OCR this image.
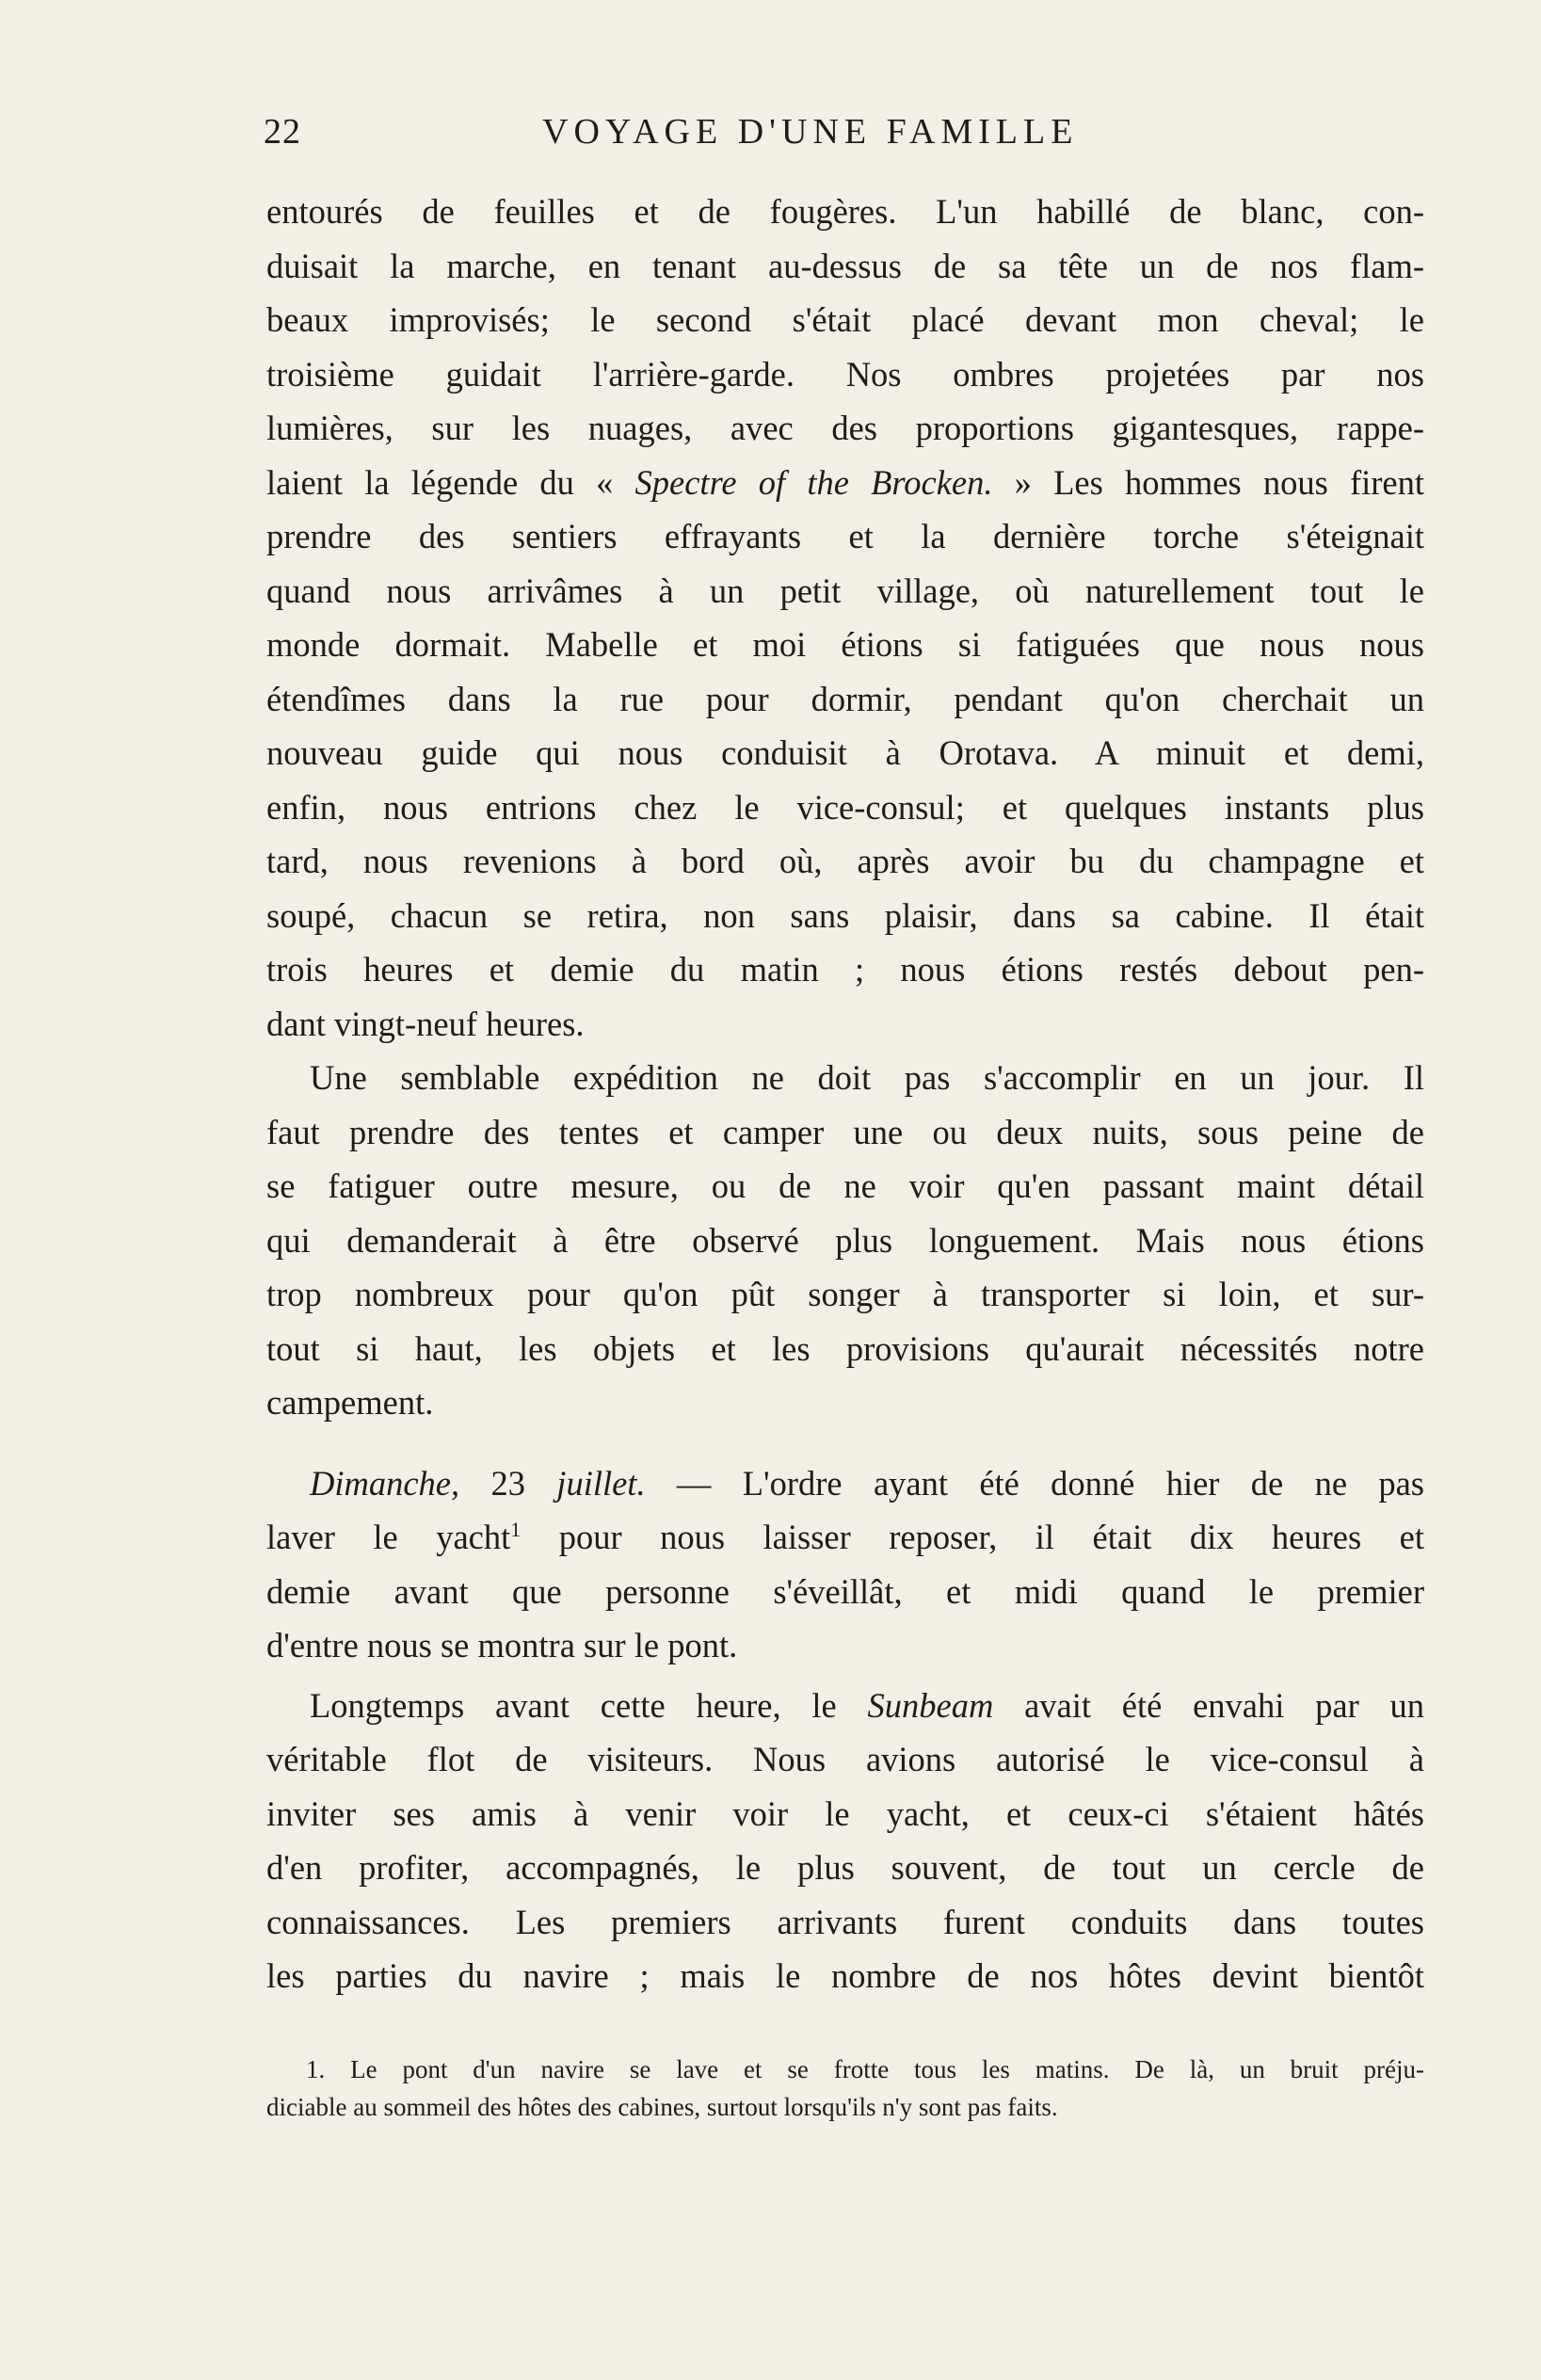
22	VOYAGE D'UNE FAMILLE
entourés de feuilles et de fougères. L'un habillé de blanc, con-
duisait la marche, en tenant au-dessus de sa tête un de nos flam-
beaux improvisés; le second s'était placé devant mon cheval; le
troisième guidait l'arrière-garde. Nos ombres projetées par nos
lumières, sur les nuages, avec des proportions gigantesques, rappe-
laient la légende du « Spectre of the Brocken. » Les hommes nous firent
prendre des sentiers effrayants et la dernière torche s'éteignait
quand nous arrivâmes à un petit village, où naturellement tout le
monde dormait. Mabelle et moi étions si fatiguées que nous nous
étendîmes dans la rue pour dormir, pendant qu'on cherchait un
nouveau guide qui nous conduisit à Orotava. A minuit et demi,
enfin, nous entrions chez le vice-consul; et quelques instants plus
tard, nous revenions à bord où, après avoir bu du champagne et
soupé, chacun se retira, non sans plaisir, dans sa cabine. Il était
trois heures et demie du matin ; nous étions restés debout pen-
dant vingt-neuf heures.
Une semblable expédition ne doit pas s'accomplir en un jour. Il
faut prendre des tentes et camper une ou deux nuits, sous peine de
se fatiguer outre mesure, ou de ne voir qu'en passant maint détail
qui demanderait à être observé plus longuement. Mais nous étions
trop nombreux pour qu'on pût songer à transporter si loin, et sur-
tout si haut, les objets et les provisions qu'aurait nécessités notre
campement.
Dimanche, 23 juillet. — L'ordre ayant été donné hier de ne pas
laver le yacht$^1$ pour nous laisser reposer, il était dix heures et
demie avant que personne s'éveillât, et midi quand le premier
d'entre nous se montra sur le pont.
Longtemps avant cette heure, le Sunbeam avait été envahi par un
véritable flot de visiteurs. Nous avions autorisé le vice-consul à
inviter ses amis à venir voir le yacht, et ceux-ci s'étaient hâtés
d'en profiter, accompagnés, le plus souvent, de tout un cercle de
connaissances. Les premiers arrivants furent conduits dans toutes
les parties du navire ; mais le nombre de nos hôtes devint bientôt
1. Le pont d'un navire se lave et se frotte tous les matins. De là, un bruit préju-
diciable au sommeil des hôtes des cabines, surtout lorsqu'ils n'y sont pas faits.
